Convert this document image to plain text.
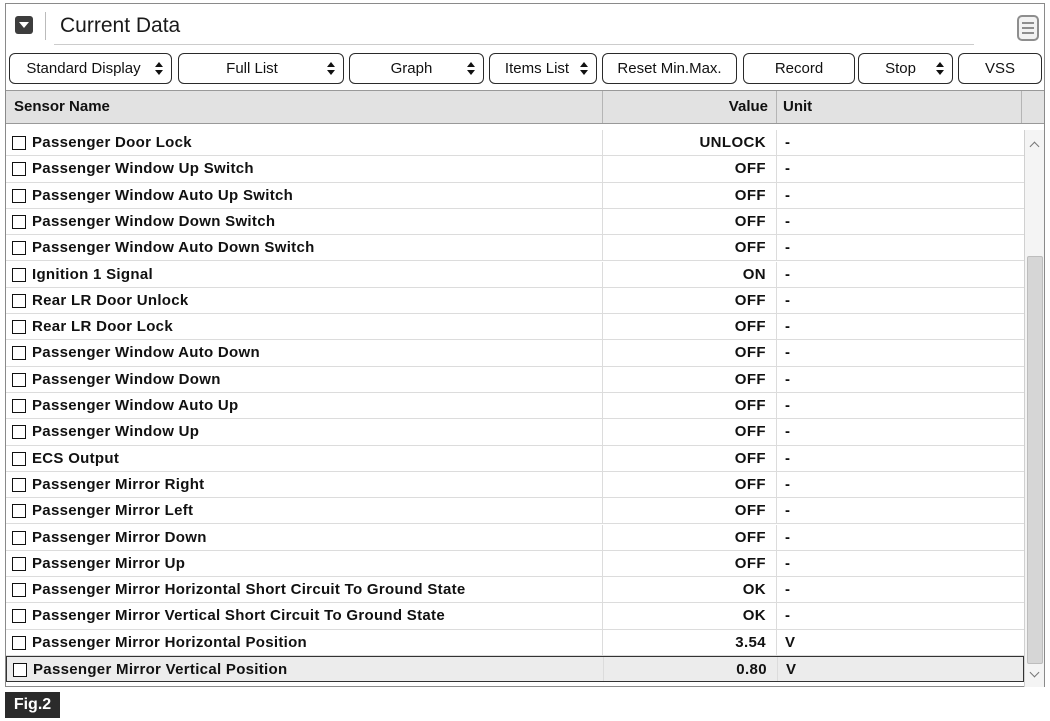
Current Data
Standard Display	Full List	Graph	Items List	Reset Min.Max.	Record	Stop	VSS
Sensor Name	Value	Unit
Passenger Door Lock	UNLOCK	-
Passenger Window Up Switch	OFF	-
Passenger Window Auto Up Switch	OFF	-
Passenger Window Down Switch	OFF	-
Passenger Window Auto Down Switch	OFF	-
Ignition 1 Signal	ON	-
Rear LR Door Unlock	OFF	-
Rear LR Door Lock	OFF	-
Passenger Window Auto Down	OFF	-
Passenger Window Down	OFF	-
Passenger Window Auto Up	OFF	-
Passenger Window Up	OFF	-
ECS Output	OFF	-
Passenger Mirror Right	OFF	-
Passenger Mirror Left	OFF	-
Passenger Mirror Down	OFF	-
Passenger Mirror Up	OFF	-
Passenger Mirror Horizontal Short Circuit To Ground State	OK	-
Passenger Mirror Vertical Short Circuit To Ground State	OK	-
Passenger Mirror Horizontal Position	3.54	V
Passenger Mirror Vertical Position	0.80	V
Fig.2
